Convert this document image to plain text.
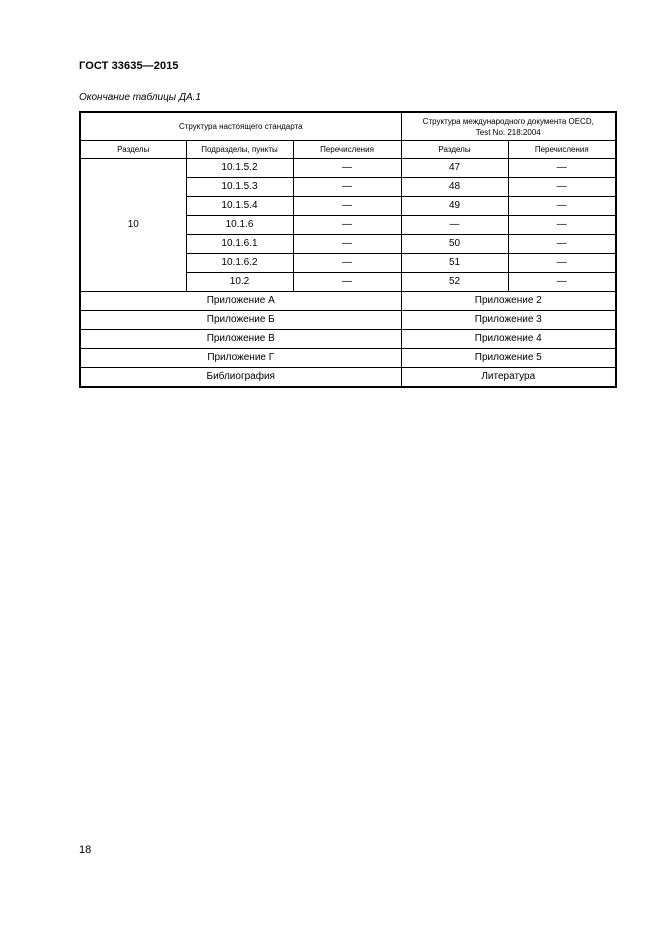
ГОСТ 33635—2015
Окончание таблицы ДА.1
Структура настоящего стандарта			Структура международного документа OECD, Test No. 218:2004	
Разделы	Подразделы, пункты	Перечисления	Разделы	Перечисления
10	10.1.5.2	—	47	—
	10.1.5.3	—	48	—
	10.1.5.4	—	49	—
	10.1.6	—	—	—
	10.1.6.1	—	50	—
	10.1.6.2	—	51	—
	10.2	—	52	—
Приложение А			Приложение 2	
Приложение Б			Приложение 3	
Приложение В			Приложение 4	
Приложение Г			Приложение 5	
Библиография			Литература	
18
